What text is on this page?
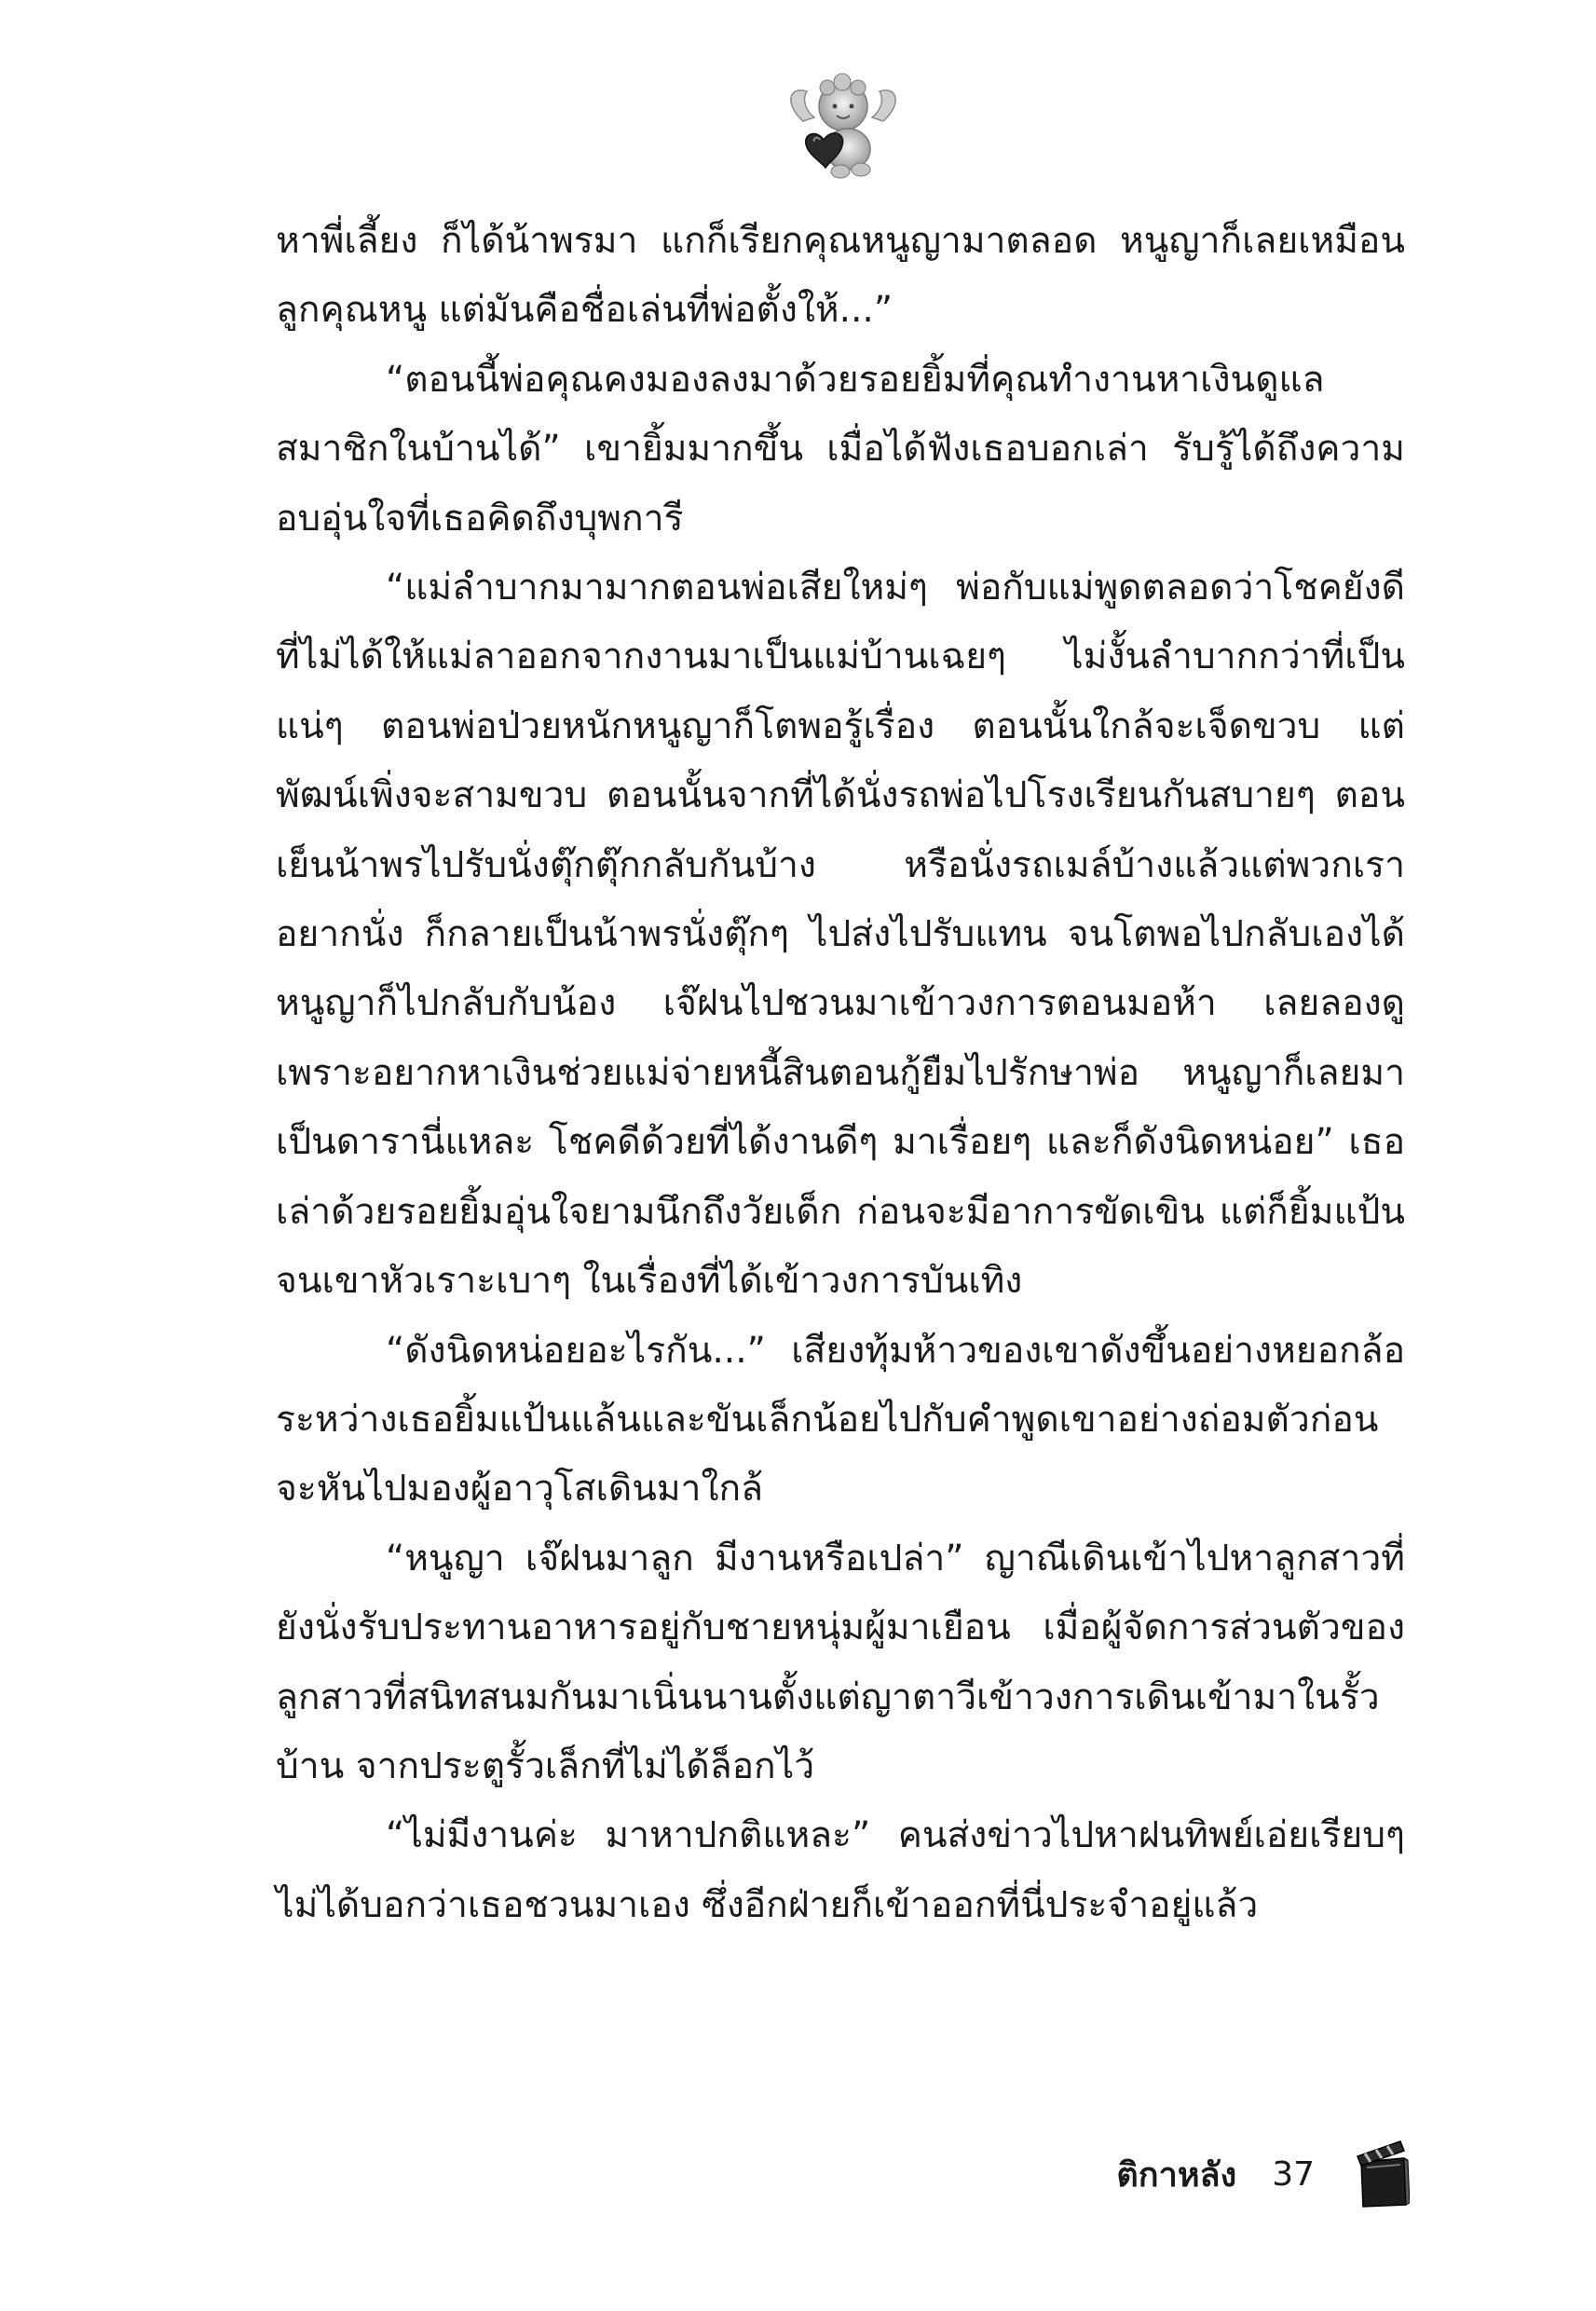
หาพี่เลี้ยง ก็ได้น้าพรมา แกก็เรียกคุณหนูญามาตลอด หนูญาก็เลยเหมือนลูกคุณหนู แต่มันคือชื่อเล่นที่พ่อตั้งให้...”

“ตอนนี้พ่อคุณคงมองลงมาด้วยรอยยิ้มที่คุณทำงานหาเงินดูแลสมาชิกในบ้านได้” เขายิ้มมากขึ้น เมื่อได้ฟังเธอบอกเล่า รับรู้ได้ถึงความอบอุ่นใจที่เธอคิดถึงบุพการี

“แม่ลำบากมามากตอนพ่อเสียใหม่ๆ พ่อกับแม่พูดตลอดว่าโชคยังดีที่ไม่ได้ให้แม่ลาออกจากงานมาเป็นแม่บ้านเฉยๆ ไม่งั้นลำบากกว่าที่เป็นแน่ๆ ตอนพ่อป่วยหนักหนูญาก็โตพอรู้เรื่อง ตอนนั้นใกล้จะเจ็ดขวบ แต่พัฒน์เพิ่งจะสามขวบ ตอนนั้นจากที่ได้นั่งรถพ่อไปโรงเรียนกันสบายๆ ตอนเย็นน้าพรไปรับนั่งตุ๊กตุ๊กกลับกันบ้าง หรือนั่งรถเมล์บ้างแล้วแต่พวกเราอยากนั่ง ก็กลายเป็นน้าพรนั่งตุ๊กๆ ไปส่งไปรับแทน จนโตพอไปกลับเองได้หนูญาก็ไปกลับกับน้อง เจ๊ฝนไปชวนมาเข้าวงการตอนมอห้า เลยลองดูเพราะอยากหาเงินช่วยแม่จ่ายหนี้สินตอนกู้ยืมไปรักษาพ่อ หนูญาก็เลยมาเป็นดารานี่แหละ โชคดีด้วยที่ได้งานดีๆ มาเรื่อยๆ และก็ดังนิดหน่อย” เธอเล่าด้วยรอยยิ้มอุ่นใจยามนึกถึงวัยเด็ก ก่อนจะมีอาการขัดเขิน แต่ก็ยิ้มแป้นจนเขาหัวเราะเบาๆ ในเรื่องที่ได้เข้าวงการบันเทิง

“ดังนิดหน่อยอะไรกัน...” เสียงทุ้มห้าวของเขาดังขึ้นอย่างหยอกล้อระหว่างเธอยิ้มแป้นแล้นและขันเล็กน้อยไปกับคำพูดเขาอย่างถ่อมตัวก่อนจะหันไปมองผู้อาวุโสเดินมาใกล้

“หนูญา เจ๊ฝนมาลูก มีงานหรือเปล่า” ญาณีเดินเข้าไปหาลูกสาวที่ยังนั่งรับประทานอาหารอยู่กับชายหนุ่มผู้มาเยือน เมื่อผู้จัดการส่วนตัวของลูกสาวที่สนิทสนมกันมาเนิ่นนานตั้งแต่ญาตาวีเข้าวงการเดินเข้ามาในรั้วบ้าน จากประตูรั้วเล็กที่ไม่ได้ล็อกไว้

“ไม่มีงานค่ะ มาหาปกติแหละ” คนส่งข่าวไปหาฝนทิพย์เอ่ยเรียบๆ ไม่ได้บอกว่าเธอชวนมาเอง ซึ่งอีกฝ่ายก็เข้าออกที่นี่ประจำอยู่แล้ว

ติกาหลัง 37
